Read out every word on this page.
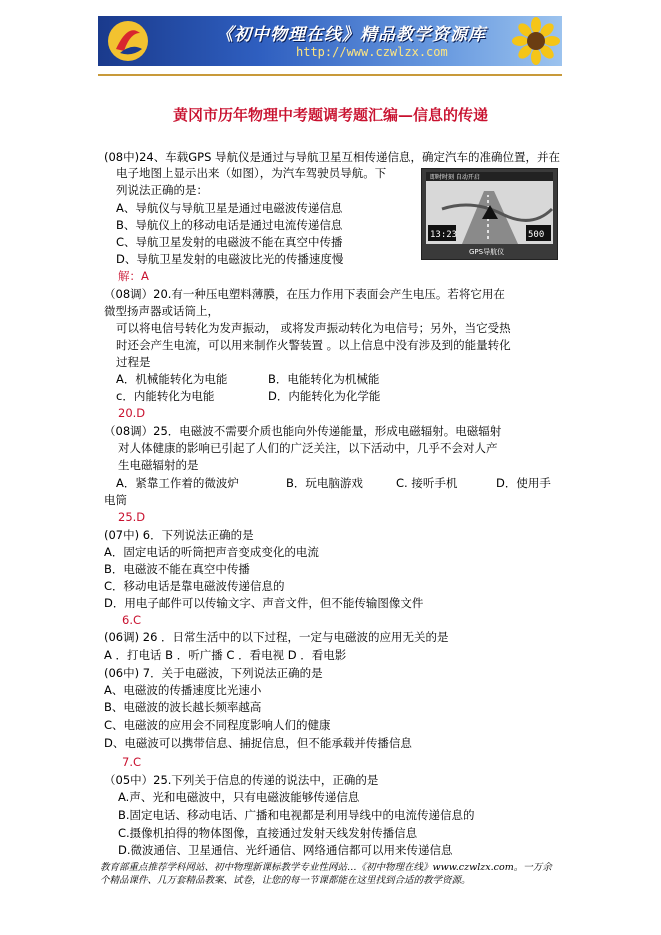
《初中物理在线》精品教学资源库
http://www.czwlzx.com
黄冈市历年物理中考题调考题汇编—信息的传递
(08中)24、车载GPS 导航仪是通过与导航卫星互相传递信息，确定汽车的准确位置，并在
电子地图上显示出来（如图），为汽车驾驶员导航。下
列说法正确的是：
A、导航仪与导航卫星是通过电磁波传递信息
B、导航仪上的移动电话是通过电流传递信息
C、导航卫星发射的电磁波不能在真空中传播
D、导航卫星发射的电磁波比光的传播速度慢
解：A
即时时刻 自动开启
13:23	500
GPS导航仪
（08调）20.有一种压电塑料薄膜，在压力作用下表面会产生电压。若将它用在
微型扬声器或话筒上，
可以将电信号转化为发声振动， 或将发声振动转化为电信号；另外，当它受热
时还会产生电流，可以用来制作火警装置 。以上信息中没有涉及到的能量转化
过程是
A．机械能转化为电能	B．电能转化为机械能
c．内能转化为电能	D．内能转化为化学能
20.D
（08调）25．电磁波不需要介质也能向外传递能量，形成电磁辐射。电磁辐射
对人体健康的影响已引起了人们的广泛关注，以下活动中，几乎不会对人产
生电磁辐射的是
A．紧靠工作着的微波炉	B．玩电脑游戏	C. 接听手机	D．使用手
电筒
25.D
(07中) 6．下列说法正确的是
A．固定电话的听筒把声音变成变化的电流
B．电磁波不能在真空中传播
C．移动电话是靠电磁波传递信息的
D．用电子邮件可以传输文字、声音文件，但不能传输图像文件
6.C
(06调) 26 ．日常生活中的以下过程，一定与电磁波的应用无关的是
A ．打电话 B ．听广播 C ．看电视 D ．看电影
(06中) 7．关于电磁波，下列说法正确的是
A、电磁波的传播速度比光速小
B、电磁波的波长越长频率越高
C、电磁波的应用会不同程度影响人们的健康
D、电磁波可以携带信息、捕捉信息，但不能承载并传播信息
7.C
（05中）25.下列关于信息的传递的说法中，正确的是
A.声、光和电磁波中，只有电磁波能够传递信息
B.固定电话、移动电话、广播和电视都是利用导线中的电流传递信息的
C.摄像机拍得的物体图像，直接通过发射天线发射传播信息
D.微波通信、卫星通信、光纤通信、网络通信都可以用来传递信息
教育部重点推荐学科网站、初中物理新课标教学专业性网站…《初中物理在线》www.czwlzx.com。一万余
个精品课件、几万套精品教案、试卷，让您的每一节课都能在这里找到合适的教学资源。
